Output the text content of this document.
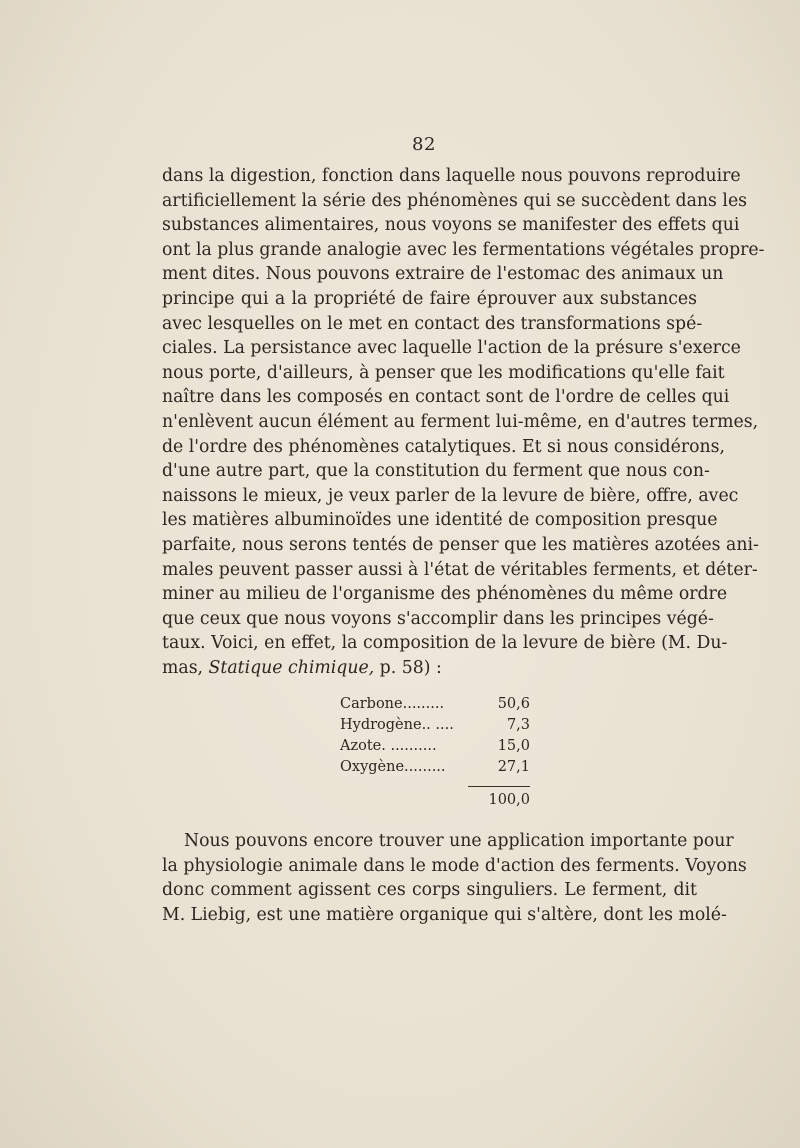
82
dans la digestion, fonction dans laquelle nous pouvons reproduire
artificiellement la série des phénomènes qui se succèdent dans les
substances alimentaires, nous voyons se manifester des effets qui
ont la plus grande analogie avec les fermentations végétales propre-
ment dites. Nous pouvons extraire de l'estomac des animaux un
principe qui a la propriété de faire éprouver aux substances
avec lesquelles on le met en contact des transformations spé-
ciales. La persistance avec laquelle l'action de la présure s'exerce
nous porte, d'ailleurs, à penser que les modifications qu'elle fait
naître dans les composés en contact sont de l'ordre de celles qui
n'enlèvent aucun élément au ferment lui-même, en d'autres termes,
de l'ordre des phénomènes catalytiques. Et si nous considérons,
d'une autre part, que la constitution du ferment que nous con-
naissons le mieux, je veux parler de la levure de bière, offre, avec
les matières albuminoïdes une identité de composition presque
parfaite, nous serons tentés de penser que les matières azotées ani-
males peuvent passer aussi à l'état de véritables ferments, et déter-
miner au milieu de l'organisme des phénomènes du même ordre
que ceux que nous voyons s'accomplir dans les principes végé-
taux. Voici, en effet, la composition de la levure de bière (M. Du-
mas, Statique chimique, p. 58) :
Carbone.........	50,6
Hydrogène.. ....	7,3
Azote. ..........	15,0
Oxygène.........	27,1
100,0
Nous pouvons encore trouver une application importante pour
la physiologie animale dans le mode d'action des ferments. Voyons
donc comment agissent ces corps singuliers. Le ferment, dit
M. Liebig, est une matière organique qui s'altère, dont les molé-
